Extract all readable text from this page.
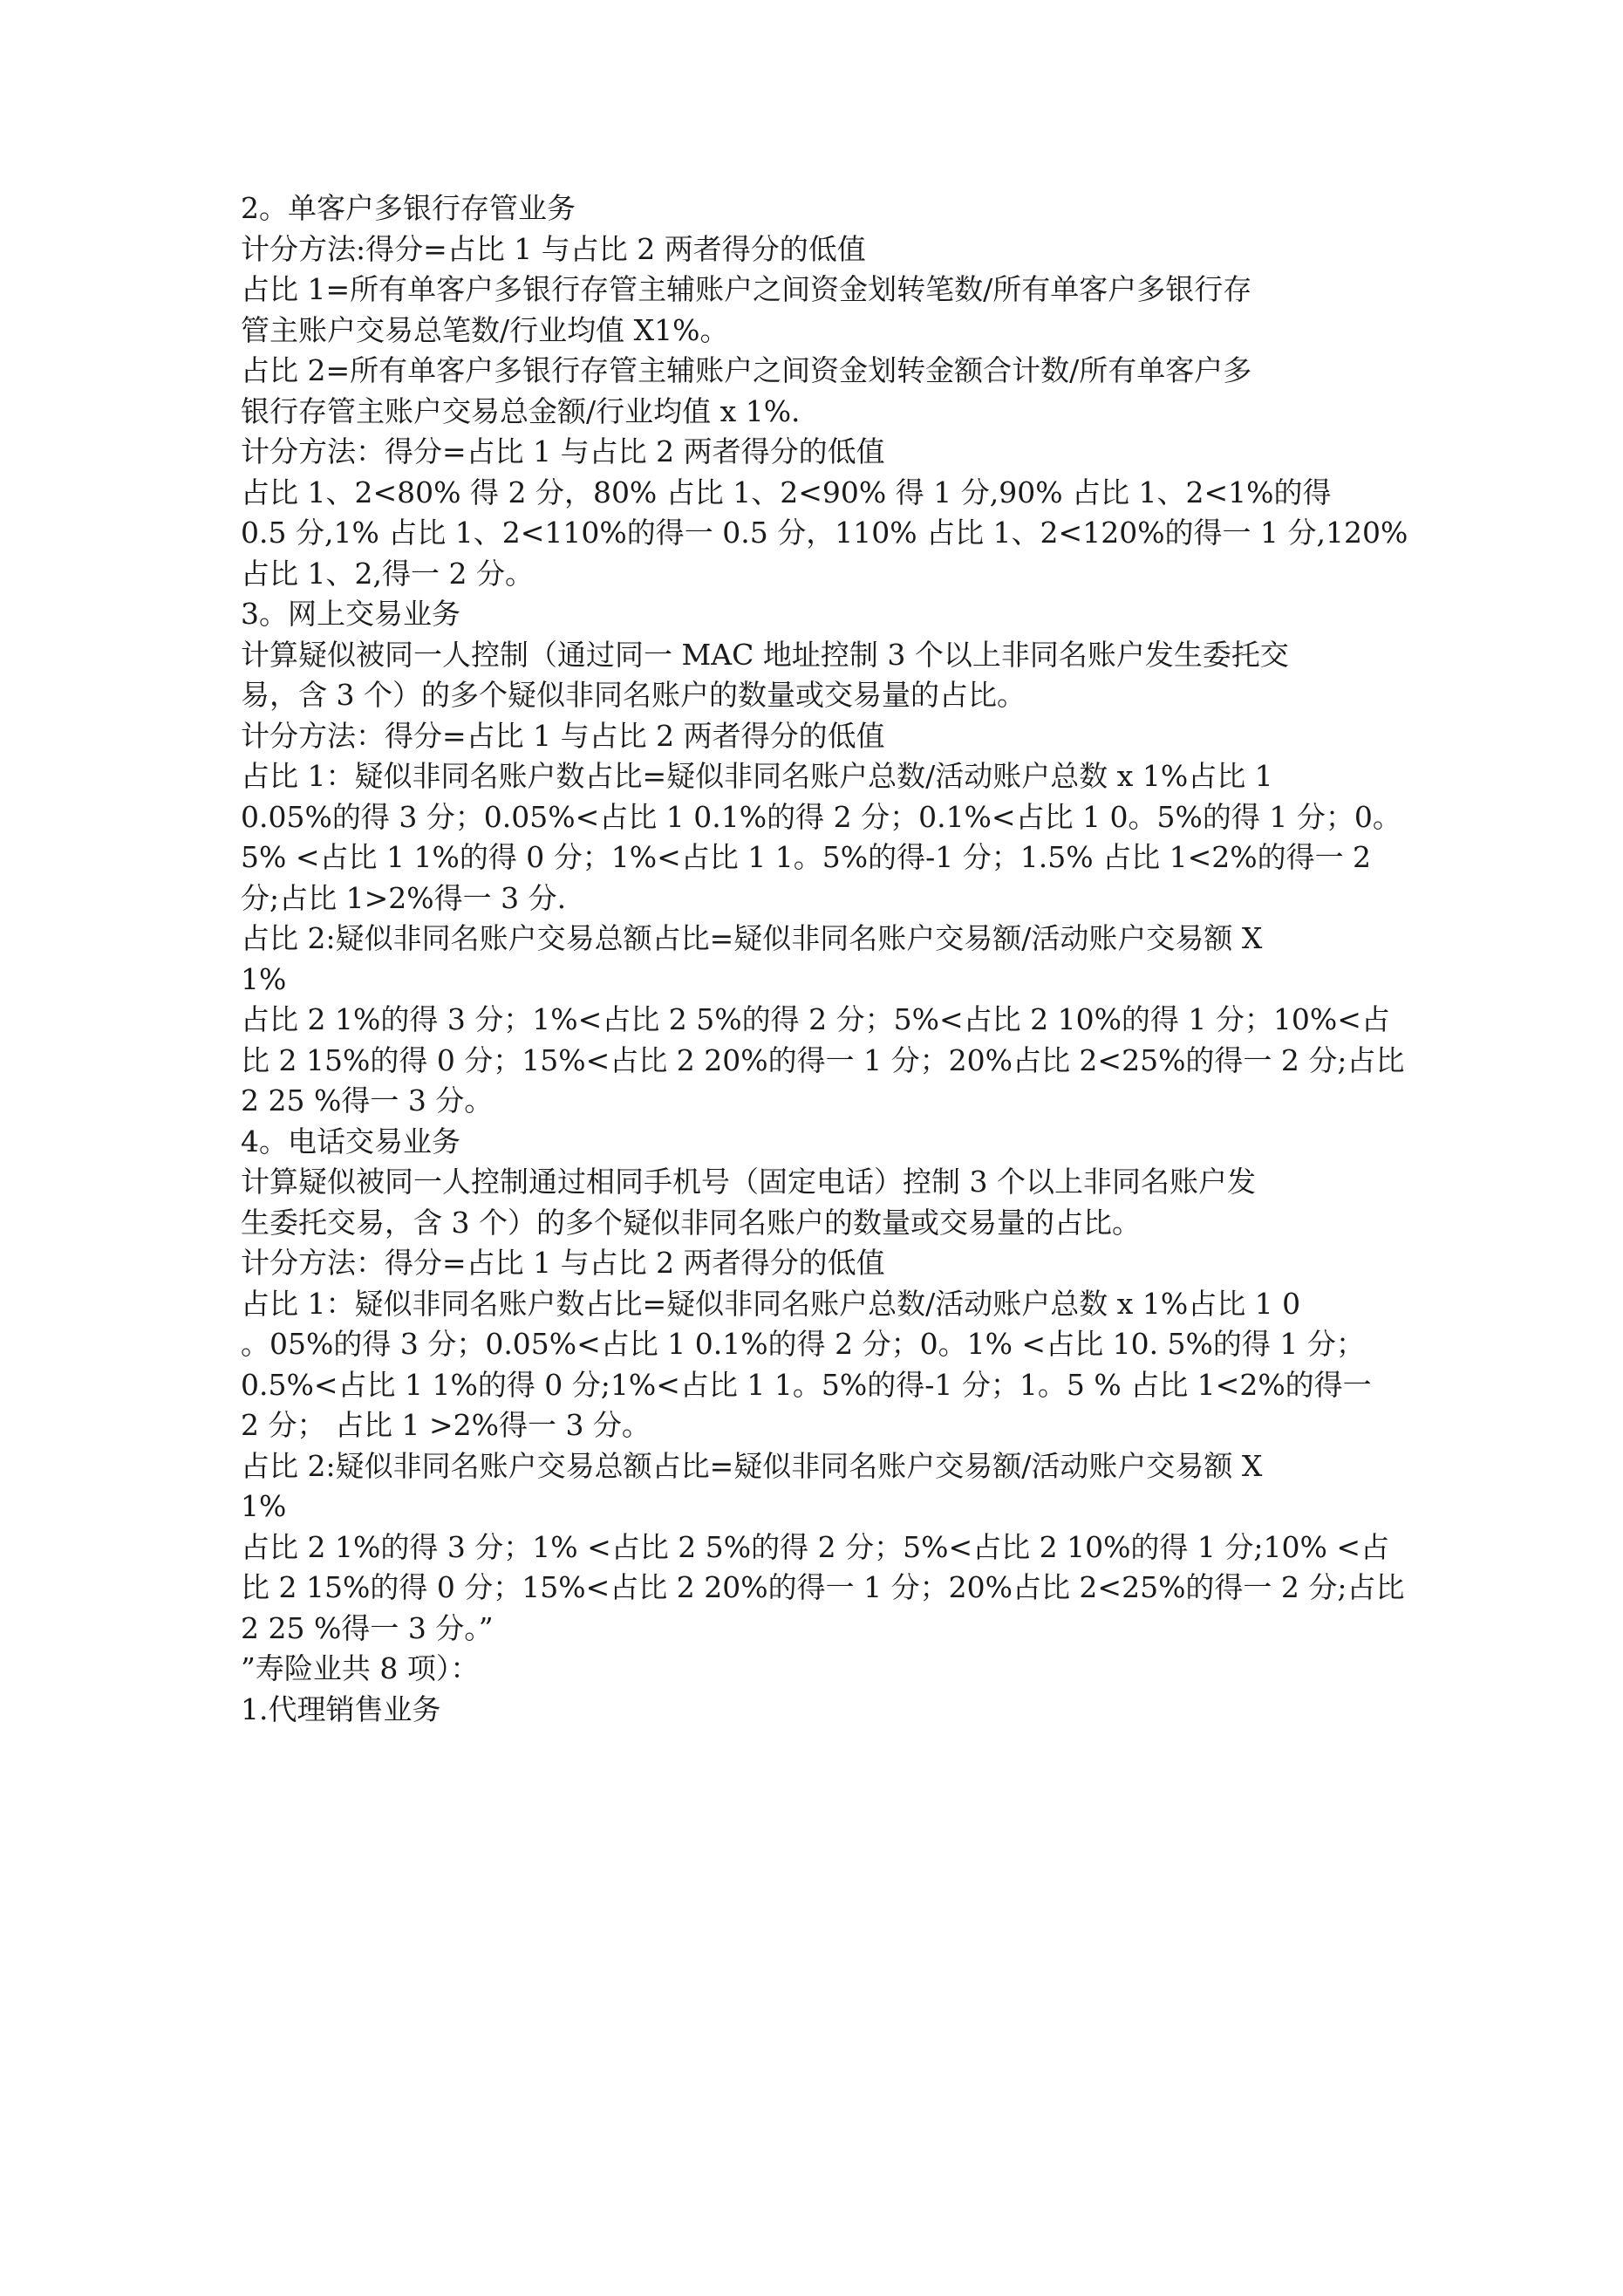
2。单客户多银行存管业务
计分方法:得分=占比 1 与占比 2 两者得分的低值
占比 1=所有单客户多银行存管主辅账户之间资金划转笔数/所有单客户多银行存
管主账户交易总笔数/行业均值 X1%。
占比 2=所有单客户多银行存管主辅账户之间资金划转金额合计数/所有单客户多
银行存管主账户交易总金额/行业均值 x 1%.
计分方法：得分=占比 1 与占比 2 两者得分的低值
占比 1、2<80% 得 2 分，80% 占比 1、2<90% 得 1 分,90% 占比 1、2<1%的得
0.5 分,1% 占比 1、2<110%的得一 0.5 分，110% 占比 1、2<120%的得一 1 分,120%
占比 1、2,得一 2 分。
3。网上交易业务
计算疑似被同一人控制（通过同一 MAC 地址控制 3 个以上非同名账户发生委托交
易，含 3 个）的多个疑似非同名账户的数量或交易量的占比。
计分方法：得分=占比 1 与占比 2 两者得分的低值
占比 1：疑似非同名账户数占比=疑似非同名账户总数/活动账户总数 x 1%占比 1
0.05%的得 3 分；0.05%<占比 1 0.1%的得 2 分；0.1%<占比 1 0。5%的得 1 分；0。
5% <占比 1 1%的得 0 分；1%<占比 1 1。5%的得-1 分；1.5% 占比 1<2%的得一 2
分;占比 1>2%得一 3 分.
占比 2:疑似非同名账户交易总额占比=疑似非同名账户交易额/活动账户交易额 X
1%
占比 2 1%的得 3 分；1%<占比 2 5%的得 2 分；5%<占比 2 10%的得 1 分；10%<占
比 2 15%的得 0 分；15%<占比 2 20%的得一 1 分；20%占比 2<25%的得一 2 分;占比
2 25 %得一 3 分。
4。电话交易业务
计算疑似被同一人控制通过相同手机号（固定电话）控制 3 个以上非同名账户发
生委托交易，含 3 个）的多个疑似非同名账户的数量或交易量的占比。
计分方法：得分=占比 1 与占比 2 两者得分的低值
占比 1：疑似非同名账户数占比=疑似非同名账户总数/活动账户总数 x 1%占比 1 0
。05%的得 3 分；0.05%<占比 1 0.1%的得 2 分；0。1% <占比 10. 5%的得 1 分；
0.5%<占比 1 1%的得 0 分;1%<占比 1 1。5%的得-1 分；1。5 % 占比 1<2%的得一
2 分； 占比 1 >2%得一 3 分。
占比 2:疑似非同名账户交易总额占比=疑似非同名账户交易额/活动账户交易额 X
1%
占比 2 1%的得 3 分；1% <占比 2 5%的得 2 分；5%<占比 2 10%的得 1 分;10% <占
比 2 15%的得 0 分；15%<占比 2 20%的得一 1 分；20%占比 2<25%的得一 2 分;占比
2 25 %得一 3 分。”
”寿险业共 8 项）：
1.代理销售业务
